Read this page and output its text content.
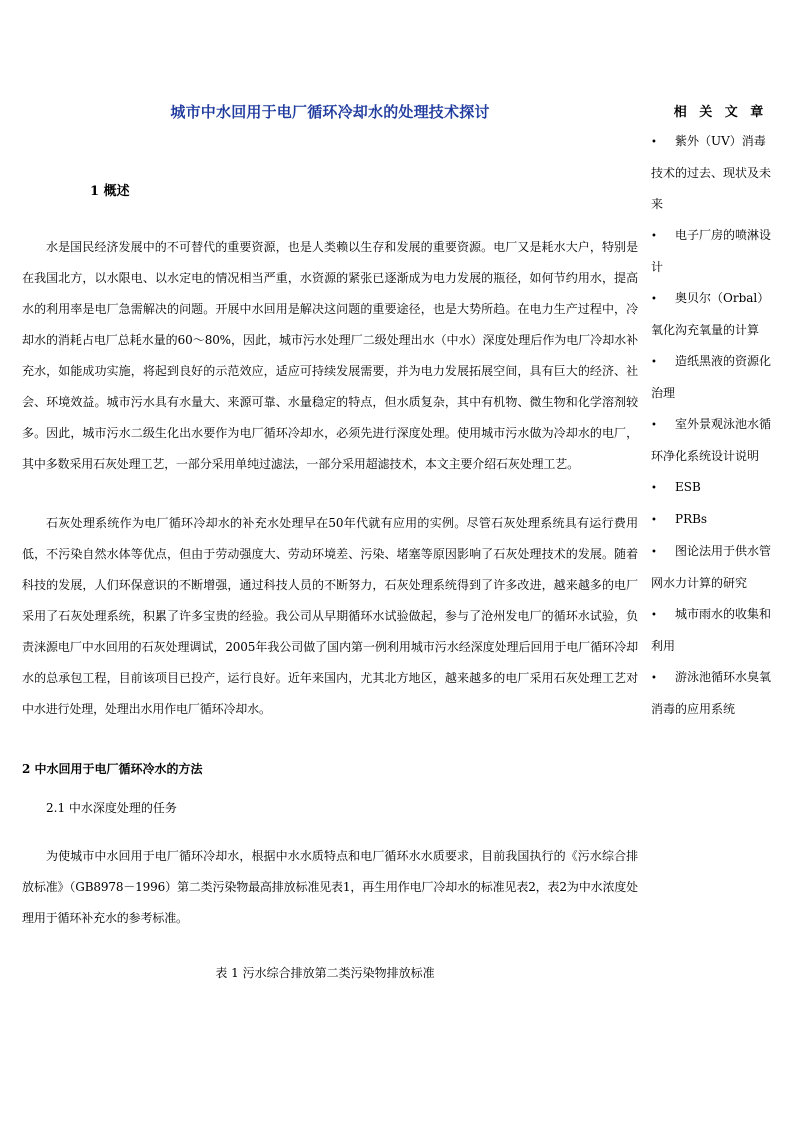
城市中水回用于电厂循环冷却水的处理技术探讨
1 概述

水是国民经济发展中的不可替代的重要资源，也是人类赖以生存和发展的重要资源。电厂又是耗水大户，特别是在我国北方，以水限电、以水定电的情况相当严重，水资源的紧张已逐渐成为电力发展的瓶径，如何节约用水，提高水的利用率是电厂急需解决的问题。开展中水回用是解决这问题的重要途径，也是大势所趋。在电力生产过程中，冷却水的消耗占电厂总耗水量的60～80%，因此，城市污水处理厂二级处理出水（中水）深度处理后作为电厂冷却水补充水，如能成功实施，将起到良好的示范效应，适应可持续发展需要，并为电力发展拓展空间，具有巨大的经济、社会、环境效益。城市污水具有水量大、来源可靠、水量稳定的特点，但水质复杂，其中有机物、微生物和化学溶剂较多。因此，城市污水二级生化出水要作为电厂循环冷却水，必须先进行深度处理。使用城市污水做为冷却水的电厂，其中多数采用石灰处理工艺，一部分采用单纯过滤法，一部分采用超滤技术，本文主要介绍石灰处理工艺。

石灰处理系统作为电厂循环冷却水的补充水处理早在50年代就有应用的实例。尽管石灰处理系统具有运行费用低，不污染自然水体等优点，但由于劳动强度大、劳动环境差、污染、堵塞等原因影响了石灰处理技术的发展。随着科技的发展，人们环保意识的不断增强，通过科技人员的不断努力，石灰处理系统得到了许多改进，越来越多的电厂采用了石灰处理系统，积累了许多宝贵的经验。我公司从早期循环水试验做起，参与了沧州发电厂的循环水试验，负责涞源电厂中水回用的石灰处理调试，2005年我公司做了国内第一例利用城市污水经深度处理后回用于电厂循环冷却水的总承包工程，目前该项目已投产，运行良好。近年来国内，尤其北方地区，越来越多的电厂采用石灰处理工艺对中水进行处理，处理出水用作电厂循环冷却水。

2 中水回用于电厂循环冷水的方法
2.1 中水深度处理的任务

为使城市中水回用于电厂循环冷却水，根据中水水质特点和电厂循环水水质要求，目前我国执行的《污水综合排放标准》（GB8978－1996）第二类污染物最高排放标准见表1，再生用作电厂冷却水的标准见表2，表2为中水浓度处理用于循环补充水的参考标准。

表 1 污水综合排放第二类污染物排放标准
相 关 文 章
• 紫外（UV）消毒技术的过去、现状及未来
• 电子厂房的喷淋设计
• 奥贝尔（Orbal）氧化沟充氧量的计算
• 造纸黑液的资源化治理
• 室外景观泳池水循环净化系统设计说明
• ESB
• PRBs
• 图论法用于供水管网水力计算的研究
• 城市雨水的收集和利用
• 游泳池循环水臭氧消毒的应用系统
